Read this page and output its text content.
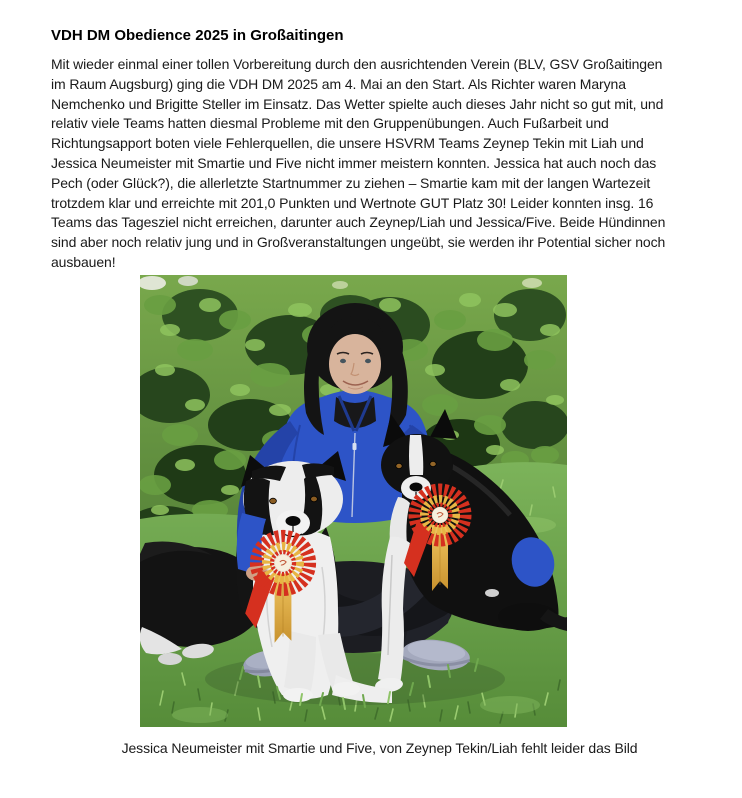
VDH DM Obedience 2025 in Großaitingen
Mit wieder einmal einer tollen Vorbereitung durch den ausrichtenden Verein (BLV, GSV Großaitingen
im Raum Augsburg) ging die VDH DM 2025 am 4. Mai an den Start. Als Richter waren Maryna
Nemchenko und Brigitte Steller im Einsatz. Das Wetter spielte auch dieses Jahr nicht so gut mit, und
relativ viele Teams hatten diesmal Probleme mit den Gruppenübungen. Auch Fußarbeit und
Richtungsapport boten viele Fehlerquellen, die unsere HSVRM Teams Zeynep Tekin mit Liah und
Jessica Neumeister mit Smartie und Five nicht immer meistern konnten. Jessica hat auch noch das
Pech (oder Glück?), die allerletzte Startnummer zu ziehen – Smartie kam mit der langen Wartezeit
trotzdem klar und erreichte mit 201,0 Punkten und Wertnote GUT Platz 30! Leider konnten insg. 16
Teams das Tagesziel nicht erreichen, darunter auch Zeynep/Liah und Jessica/Five. Beide Hündinnen
sind aber noch relativ jung und in Großveranstaltungen ungeübt, sie werden ihr Potential sicher noch
ausbauen!
Jessica Neumeister mit Smartie und Five, von Zeynep Tekin/Liah fehlt leider das Bild
